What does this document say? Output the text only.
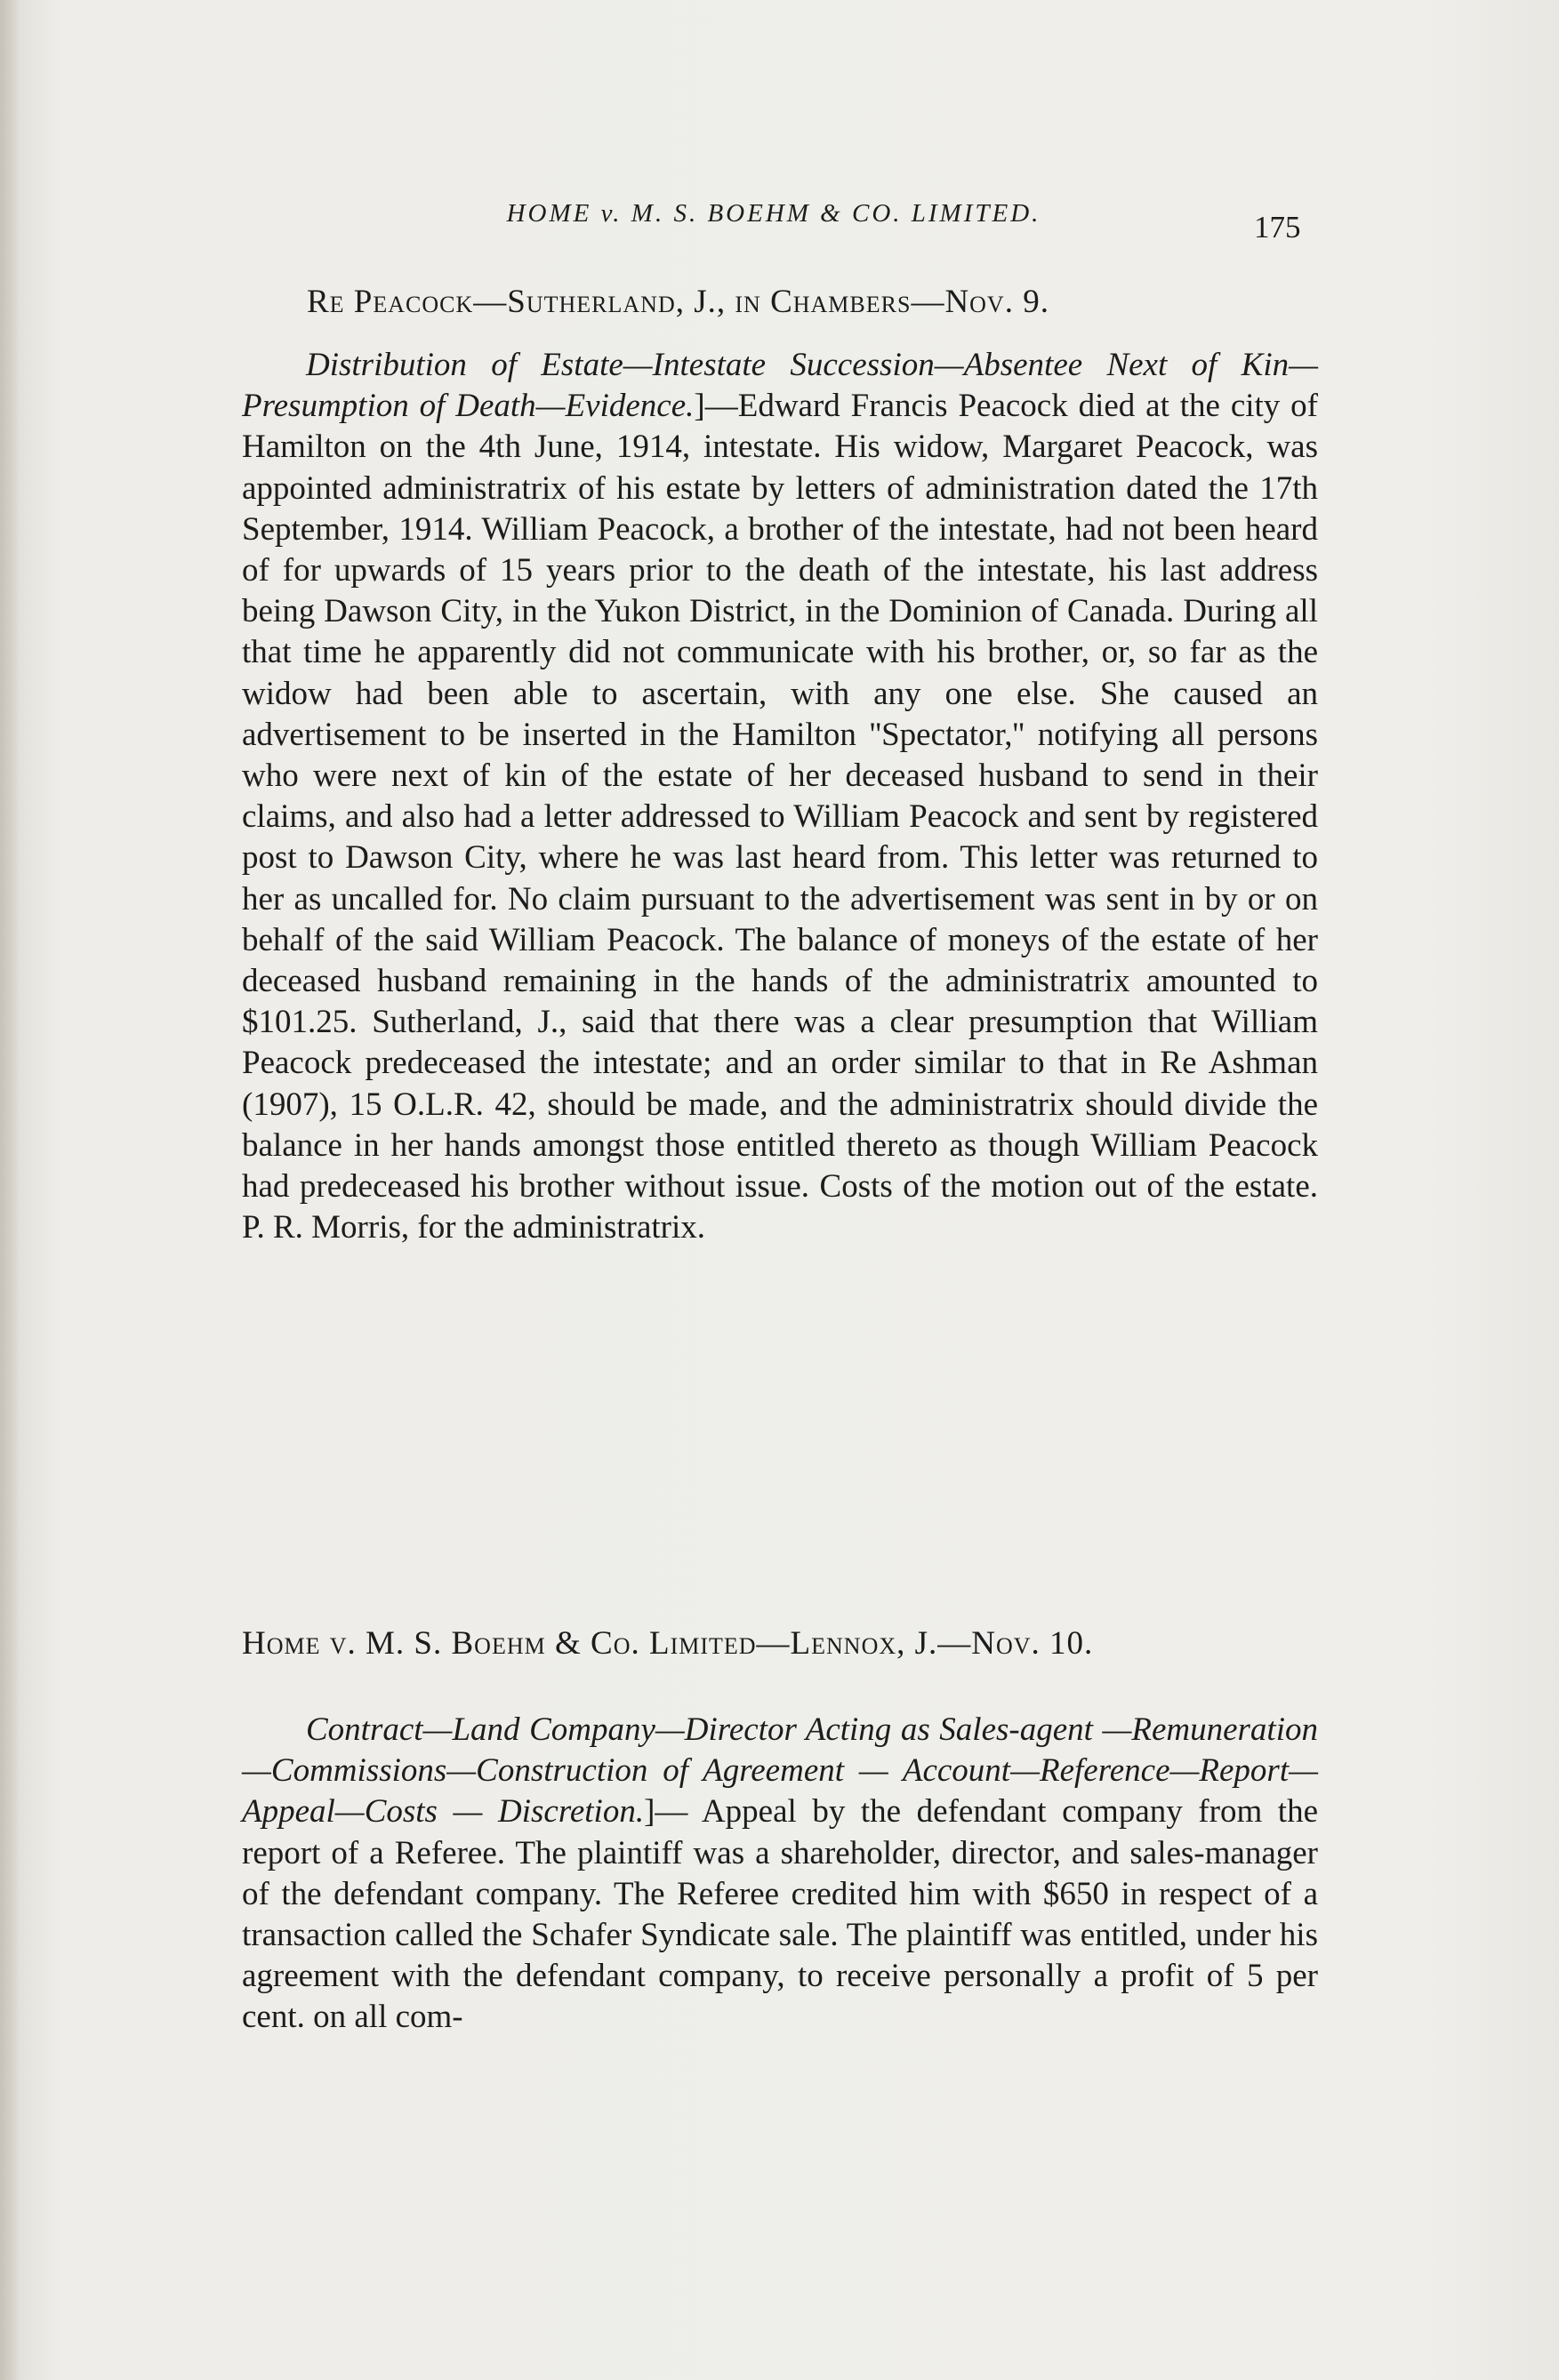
HOME v. M. S. BOEHM & CO. LIMITED.	175
Re Peacock—Sutherland, J., in Chambers—Nov. 9.
Distribution of Estate—Intestate Succession—Absentee Next of Kin—Presumption of Death—Evidence.]—Edward Francis Peacock died at the city of Hamilton on the 4th June, 1914, intestate. His widow, Margaret Peacock, was appointed administratrix of his estate by letters of administration dated the 17th September, 1914. William Peacock, a brother of the intestate, had not been heard of for upwards of 15 years prior to the death of the intestate, his last address being Dawson City, in the Yukon District, in the Dominion of Canada. During all that time he apparently did not communicate with his brother, or, so far as the widow had been able to ascertain, with any one else. She caused an advertisement to be inserted in the Hamilton ''Spectator,'' notifying all persons who were next of kin of the estate of her deceased husband to send in their claims, and also had a letter addressed to William Peacock and sent by registered post to Dawson City, where he was last heard from. This letter was returned to her as uncalled for. No claim pursuant to the advertisement was sent in by or on behalf of the said William Peacock. The balance of moneys of the estate of her deceased husband remaining in the hands of the administratrix amounted to $101.25. Sutherland, J., said that there was a clear presumption that William Peacock predeceased the intestate; and an order similar to that in Re Ashman (1907), 15 O.L.R. 42, should be made, and the administratrix should divide the balance in her hands amongst those entitled thereto as though William Peacock had predeceased his brother without issue. Costs of the motion out of the estate. P. R. Morris, for the administratrix.
Home v. M. S. Boehm & Co. Limited—Lennox, J.—Nov. 10.
Contract—Land Company—Director Acting as Sales-agent —Remuneration—Commissions—Construction of Agreement — Account—Reference—Report—Appeal—Costs — Discretion.]— Appeal by the defendant company from the report of a Referee. The plaintiff was a shareholder, director, and sales-manager of the defendant company. The Referee credited him with $650 in respect of a transaction called the Schafer Syndicate sale. The plaintiff was entitled, under his agreement with the defendant company, to receive personally a profit of 5 per cent. on all com-
